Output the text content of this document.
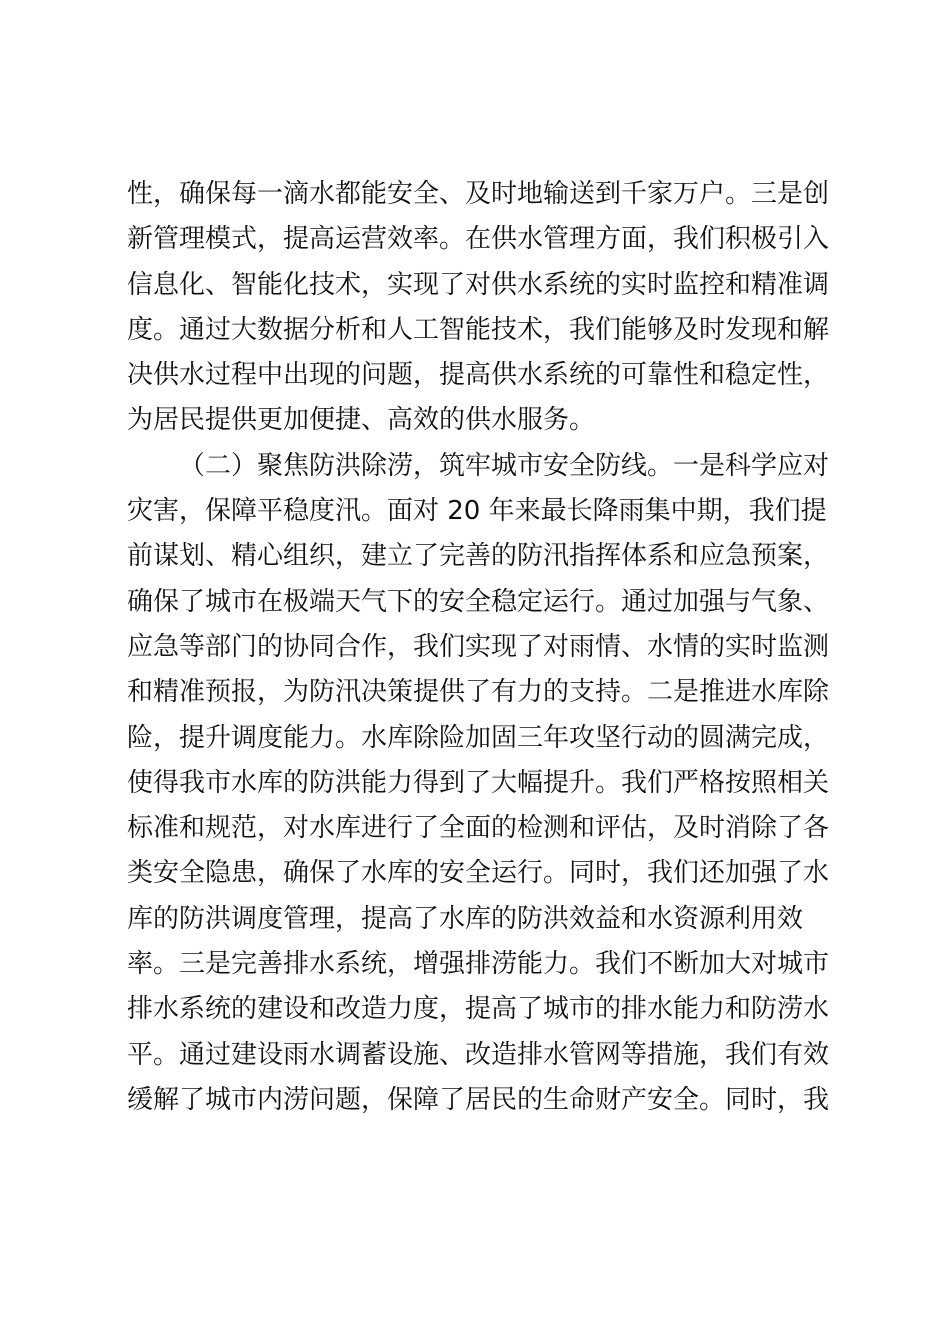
性，确保每一滴水都能安全、及时地输送到千家万户。三是创
新管理模式，提高运营效率。在供水管理方面，我们积极引入
信息化、智能化技术，实现了对供水系统的实时监控和精准调
度。通过大数据分析和人工智能技术，我们能够及时发现和解
决供水过程中出现的问题，提高供水系统的可靠性和稳定性，
为居民提供更加便捷、高效的供水服务。
（二）聚焦防洪除涝，筑牢城市安全防线。一是科学应对
灾害，保障平稳度汛。面对 20 年来最长降雨集中期，我们提
前谋划、精心组织，建立了完善的防汛指挥体系和应急预案，
确保了城市在极端天气下的安全稳定运行。通过加强与气象、
应急等部门的协同合作，我们实现了对雨情、水情的实时监测
和精准预报，为防汛决策提供了有力的支持。二是推进水库除
险，提升调度能力。水库除险加固三年攻坚行动的圆满完成，
使得我市水库的防洪能力得到了大幅提升。我们严格按照相关
标准和规范，对水库进行了全面的检测和评估，及时消除了各
类安全隐患，确保了水库的安全运行。同时，我们还加强了水
库的防洪调度管理，提高了水库的防洪效益和水资源利用效
率。三是完善排水系统，增强排涝能力。我们不断加大对城市
排水系统的建设和改造力度，提高了城市的排水能力和防涝水
平。通过建设雨水调蓄设施、改造排水管网等措施，我们有效
缓解了城市内涝问题，保障了居民的生命财产安全。同时，我
